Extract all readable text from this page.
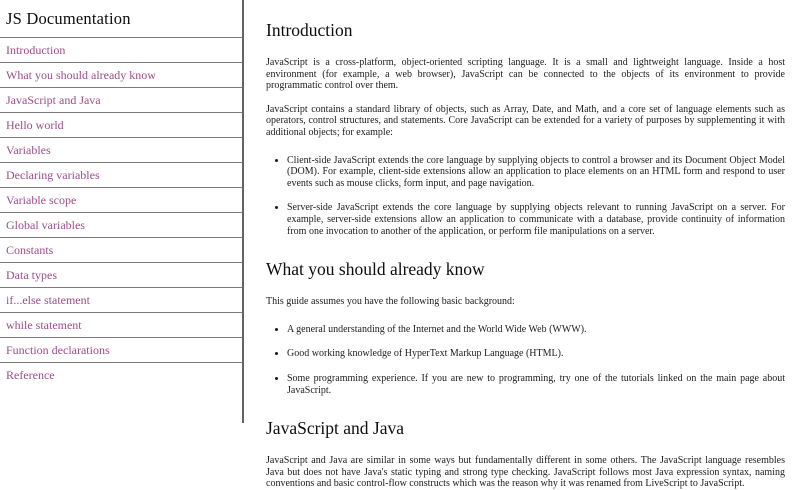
JS Documentation
Introduction
What you should already know
JavaScript and Java
Hello world
Variables
Declaring variables
Variable scope
Global variables
Constants
Data types
if...else statement
while statement
Function declarations
Reference
Introduction

JavaScript is a cross-platform, object-oriented scripting language. It is a small and lightweight language. Inside a host environment (for example, a web browser), JavaScript can be connected to the objects of its environment to provide programmatic control over them.

JavaScript contains a standard library of objects, such as Array, Date, and Math, and a core set of language elements such as operators, control structures, and statements. Core JavaScript can be extended for a variety of purposes by supplementing it with additional objects; for example:

• Client-side JavaScript extends the core language by supplying objects to control a browser and its Document Object Model (DOM). For example, client-side extensions allow an application to place elements on an HTML form and respond to user events such as mouse clicks, form input, and page navigation.
• Server-side JavaScript extends the core language by supplying objects relevant to running JavaScript on a server. For example, server-side extensions allow an application to communicate with a database, provide continuity of information from one invocation to another of the application, or perform file manipulations on a server.
What you should already know

This guide assumes you have the following basic background:

• A general understanding of the Internet and the World Wide Web (WWW).
• Good working knowledge of HyperText Markup Language (HTML).
• Some programming experience. If you are new to programming, try one of the tutorials linked on the main page about JavaScript.
JavaScript and Java

JavaScript and Java are similar in some ways but fundamentally different in some others. The JavaScript language resembles Java but does not have Java's static typing and strong type checking. JavaScript follows most Java expression syntax, naming conventions and basic control-flow constructs which was the reason why it was renamed from LiveScript to JavaScript.
